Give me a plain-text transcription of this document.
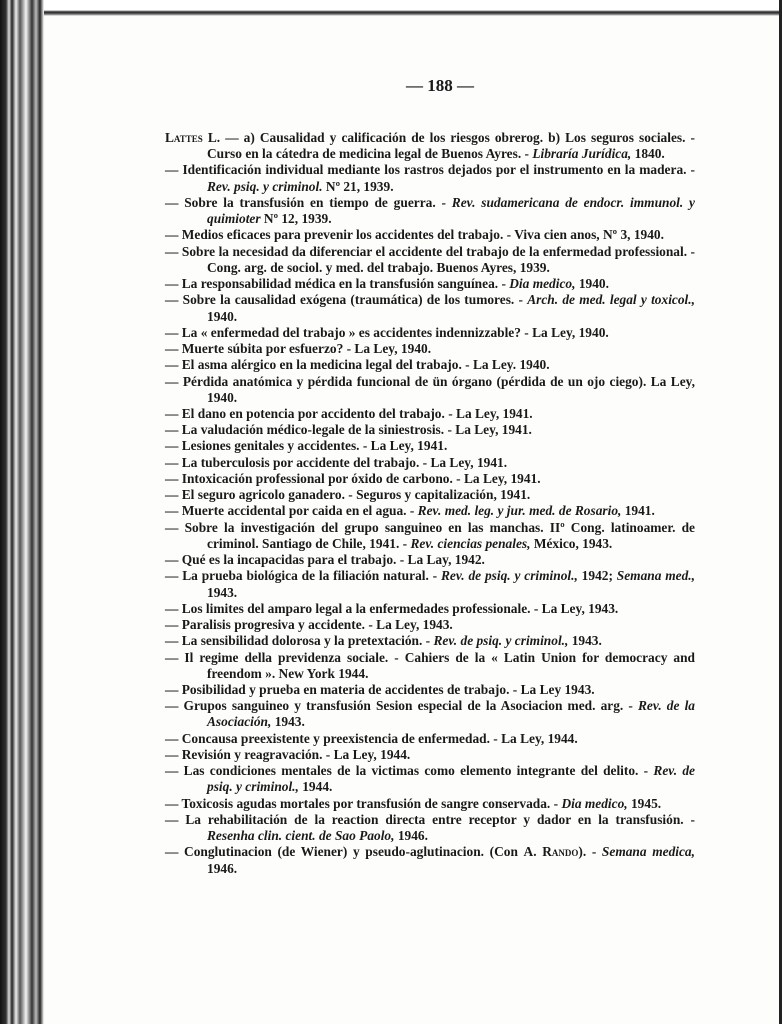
— 188 —

Lattes L. — a) Causalidad y calificación de los riesgos obrerog. b) Los seguros sociales. - Curso en la cátedra de medicina legal de Buenos Ayres. - Libraría Jurídica, 1840.

— Identificación individual mediante los rastros dejados por el instrumento en la madera. - Rev. psiq. y criminol. Nº 21, 1939.

— Sobre la transfusión en tiempo de guerra. - Rev. sudamericana de endocr. immunol. y quimioter Nº 12, 1939.

— Medios eficaces para prevenir los accidentes del trabajo. - Viva cien anos, Nº 3, 1940.

— Sobre la necesidad da diferenciar el accidente del trabajo de la enfermedad professional. - Cong. arg. de sociol. y med. del trabajo. Buenos Ayres, 1939.

— La responsabilidad médica en la transfusión sanguínea. - Dia medico, 1940.

— Sobre la causalidad exógena (traumática) de los tumores. - Arch. de med. legal y toxicol., 1940.

— La « enfermedad del trabajo » es accidentes indennizzable? - La Ley, 1940.

— Muerte súbita por esfuerzo? - La Ley, 1940.

— El asma alérgico en la medicina legal del trabajo. - La Ley. 1940.

— Pérdida anatómica y pérdida funcional de ün órgano (pérdida de un ojo ciego). La Ley, 1940.

— El dano en potencia por accidento del trabajo. - La Ley, 1941.

— La valudación médico-legale de la siniestrosis. - La Ley, 1941.

— Lesiones genitales y accidentes. - La Ley, 1941.

— La tuberculosis por accidente del trabajo. - La Ley, 1941.

— Intoxicación professional por óxido de carbono. - La Ley, 1941.

— El seguro agricolo ganadero. - Seguros y capitalización, 1941.

— Muerte accidental por caida en el agua. - Rev. med. leg. y jur. med. de Rosario, 1941.

— Sobre la investigación del grupo sanguineo en las manchas. IIº Cong. latinoamer. de criminol. Santiago de Chile, 1941. - Rev. ciencias penales, México, 1943.

— Qué es la incapacidas para el trabajo. - La Lay, 1942.

— La prueba biológica de la filiación natural. - Rev. de psiq. y criminol., 1942; Semana med., 1943.

— Los limites del amparo legal a la enfermedades professionale. - La Ley, 1943.

— Paralisis progresiva y accidente. - La Ley, 1943.

— La sensibilidad dolorosa y la pretextación. - Rev. de psiq. y criminol., 1943.

— Il regime della previdenza sociale. - Cahiers de la « Latin Union for democracy and freendom ». New York 1944.

— Posibilidad y prueba en materia de accidentes de trabajo. - La Ley 1943.

— Grupos sanguineo y transfusión Sesion especial de la Asociacion med. arg. - Rev. de la Asociación, 1943.

— Concausa preexistente y preexistencia de enfermedad. - La Ley, 1944.

— Revisión y reagravación. - La Ley, 1944.

— Las condiciones mentales de la victimas como elemento integrante del delito. - Rev. de psiq. y criminol., 1944.

— Toxicosis agudas mortales por transfusión de sangre conservada. - Dia medico, 1945.

— La rehabilitación de la reaction directa entre receptor y dador en la transfusión. - Resenha clin. cient. de Sao Paolo, 1946.

— Conglutinacion (de Wiener) y pseudo-aglutinacion. (Con A. Rando). - Semana medica, 1946.
